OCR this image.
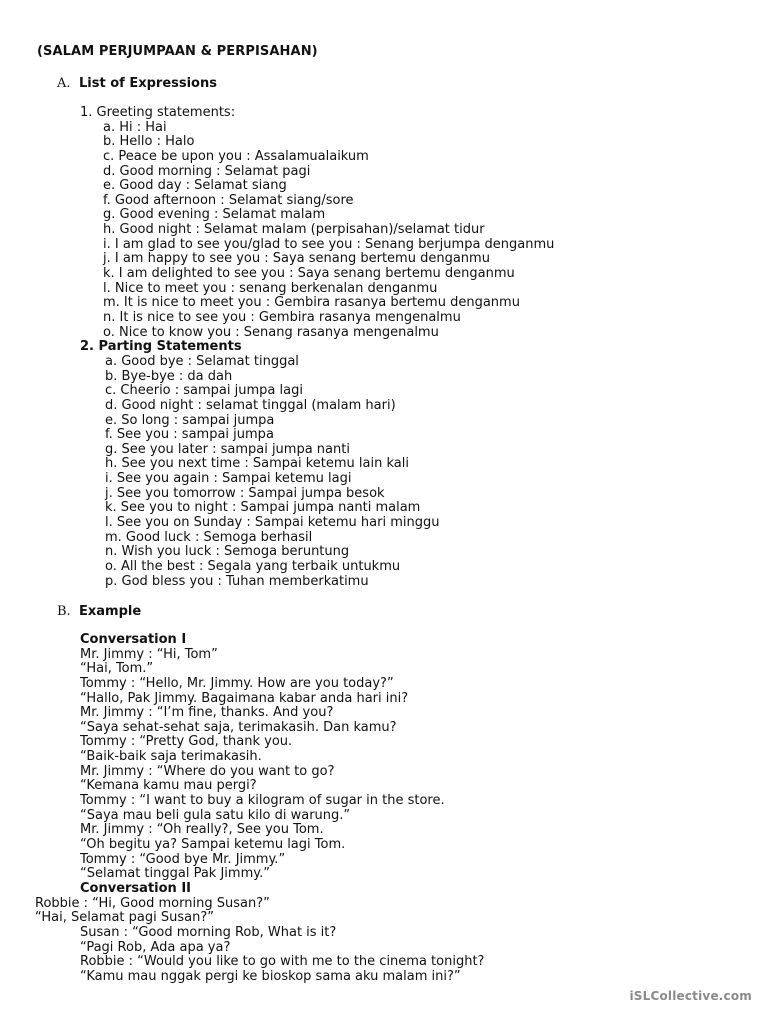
(SALAM PERJUMPAAN & PERPISAHAN)
A. List of Expressions
1. Greeting statements:
a. Hi : Hai
b. Hello : Halo
c. Peace be upon you : Assalamualaikum
d. Good morning : Selamat pagi
e. Good day : Selamat siang
f. Good afternoon : Selamat siang/sore
g. Good evening : Selamat malam
h. Good night : Selamat malam (perpisahan)/selamat tidur
i. I am glad to see you/glad to see you : Senang berjumpa denganmu
j. I am happy to see you : Saya senang bertemu denganmu
k. I am delighted to see you : Saya senang bertemu denganmu
l. Nice to meet you : senang berkenalan denganmu
m. It is nice to meet you : Gembira rasanya bertemu denganmu
n. It is nice to see you : Gembira rasanya mengenalmu
o. Nice to know you : Senang rasanya mengenalmu
2. Parting Statements
a. Good bye : Selamat tinggal
b. Bye-bye : da dah
c. Cheerio : sampai jumpa lagi
d. Good night : selamat tinggal (malam hari)
e. So long : sampai jumpa
f. See you : sampai jumpa
g. See you later : sampai jumpa nanti
h. See you next time : Sampai ketemu lain kali
i. See you again : Sampai ketemu lagi
j. See you tomorrow : Sampai jumpa besok
k. See you to night : Sampai jumpa nanti malam
l. See you on Sunday : Sampai ketemu hari minggu
m. Good luck : Semoga berhasil
n. Wish you luck : Semoga beruntung
o. All the best : Segala yang terbaik untukmu
p. God bless you : Tuhan memberkatimu
B. Example
Conversation I
Mr. Jimmy : “Hi, Tom”
“Hai, Tom.”
Tommy : “Hello, Mr. Jimmy. How are you today?”
“Hallo, Pak Jimmy. Bagaimana kabar anda hari ini?
Mr. Jimmy : “I’m fine, thanks. And you?
“Saya sehat-sehat saja, terimakasih. Dan kamu?
Tommy : “Pretty God, thank you.
“Baik-baik saja terimakasih.
Mr. Jimmy : “Where do you want to go?
“Kemana kamu mau pergi?
Tommy : “I want to buy a kilogram of sugar in the store.
“Saya mau beli gula satu kilo di warung.”
Mr. Jimmy : “Oh really?, See you Tom.
“Oh begitu ya? Sampai ketemu lagi Tom.
Tommy : “Good bye Mr. Jimmy.”
“Selamat tinggal Pak Jimmy.”
Conversation II
Robbie : “Hi, Good morning Susan?”
“Hai, Selamat pagi Susan?”
Susan : “Good morning Rob, What is it?
“Pagi Rob, Ada apa ya?
Robbie : “Would you like to go with me to the cinema tonight?
“Kamu mau nggak pergi ke bioskop sama aku malam ini?”
iSLCollective.com
